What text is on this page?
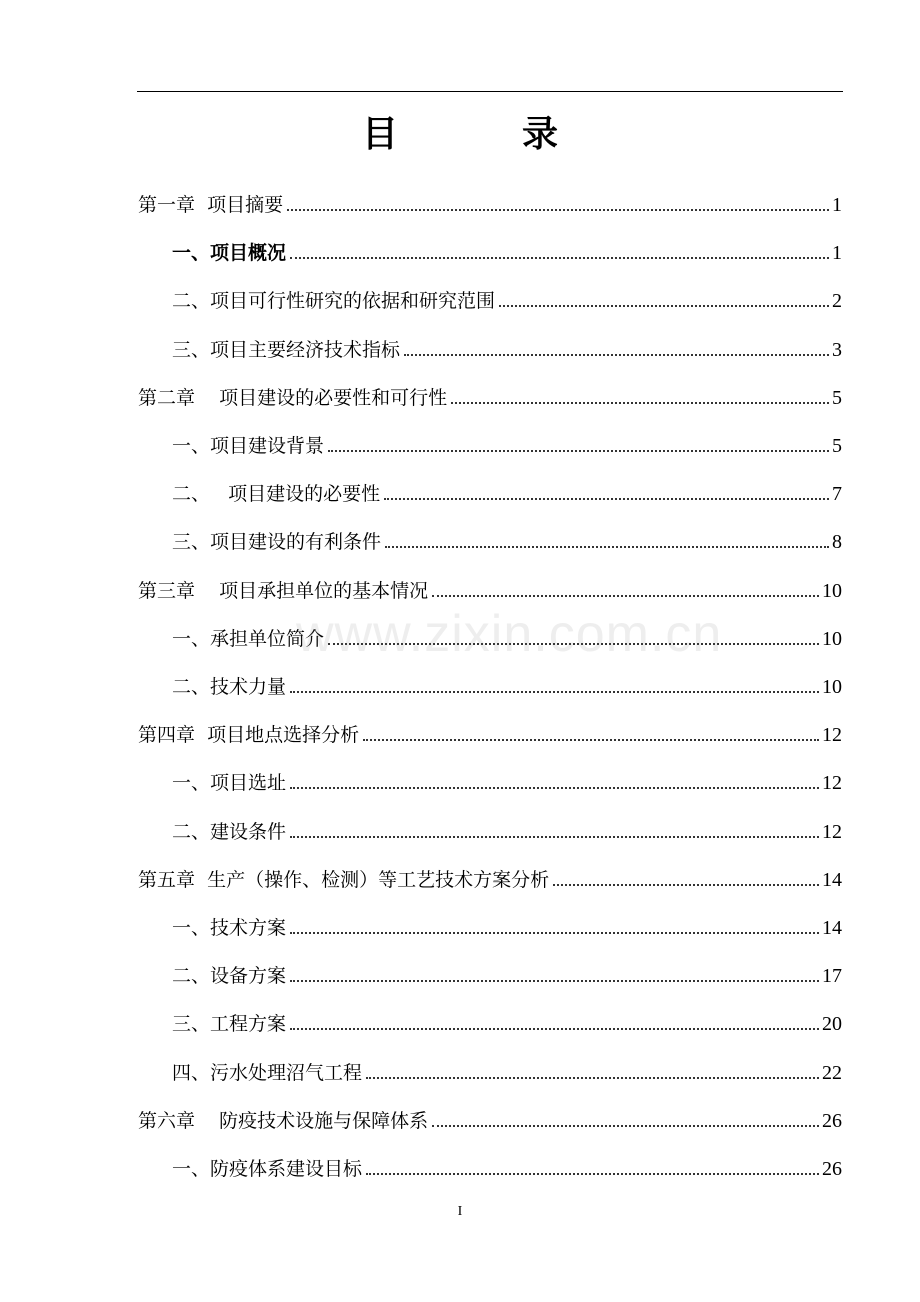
目　录
第一章  项目摘要	1
一、项目概况	1
二、项目可行性研究的依据和研究范围	2
三、项目主要经济技术指标	3
第二章    项目建设的必要性和可行性	5
一、项目建设背景	5
二、   项目建设的必要性	7
三、项目建设的有利条件	8
第三章    项目承担单位的基本情况	10
一、承担单位简介	10
二、技术力量	10
第四章  项目地点选择分析	12
一、项目选址	12
二、建设条件	12
第五章  生产（操作、检测）等工艺技术方案分析	14
一、技术方案	14
二、设备方案	17
三、工程方案	20
四、污水处理沼气工程	22
第六章    防疫技术设施与保障体系	26
一、防疫体系建设目标	26
www.zixin.com.cn
I
